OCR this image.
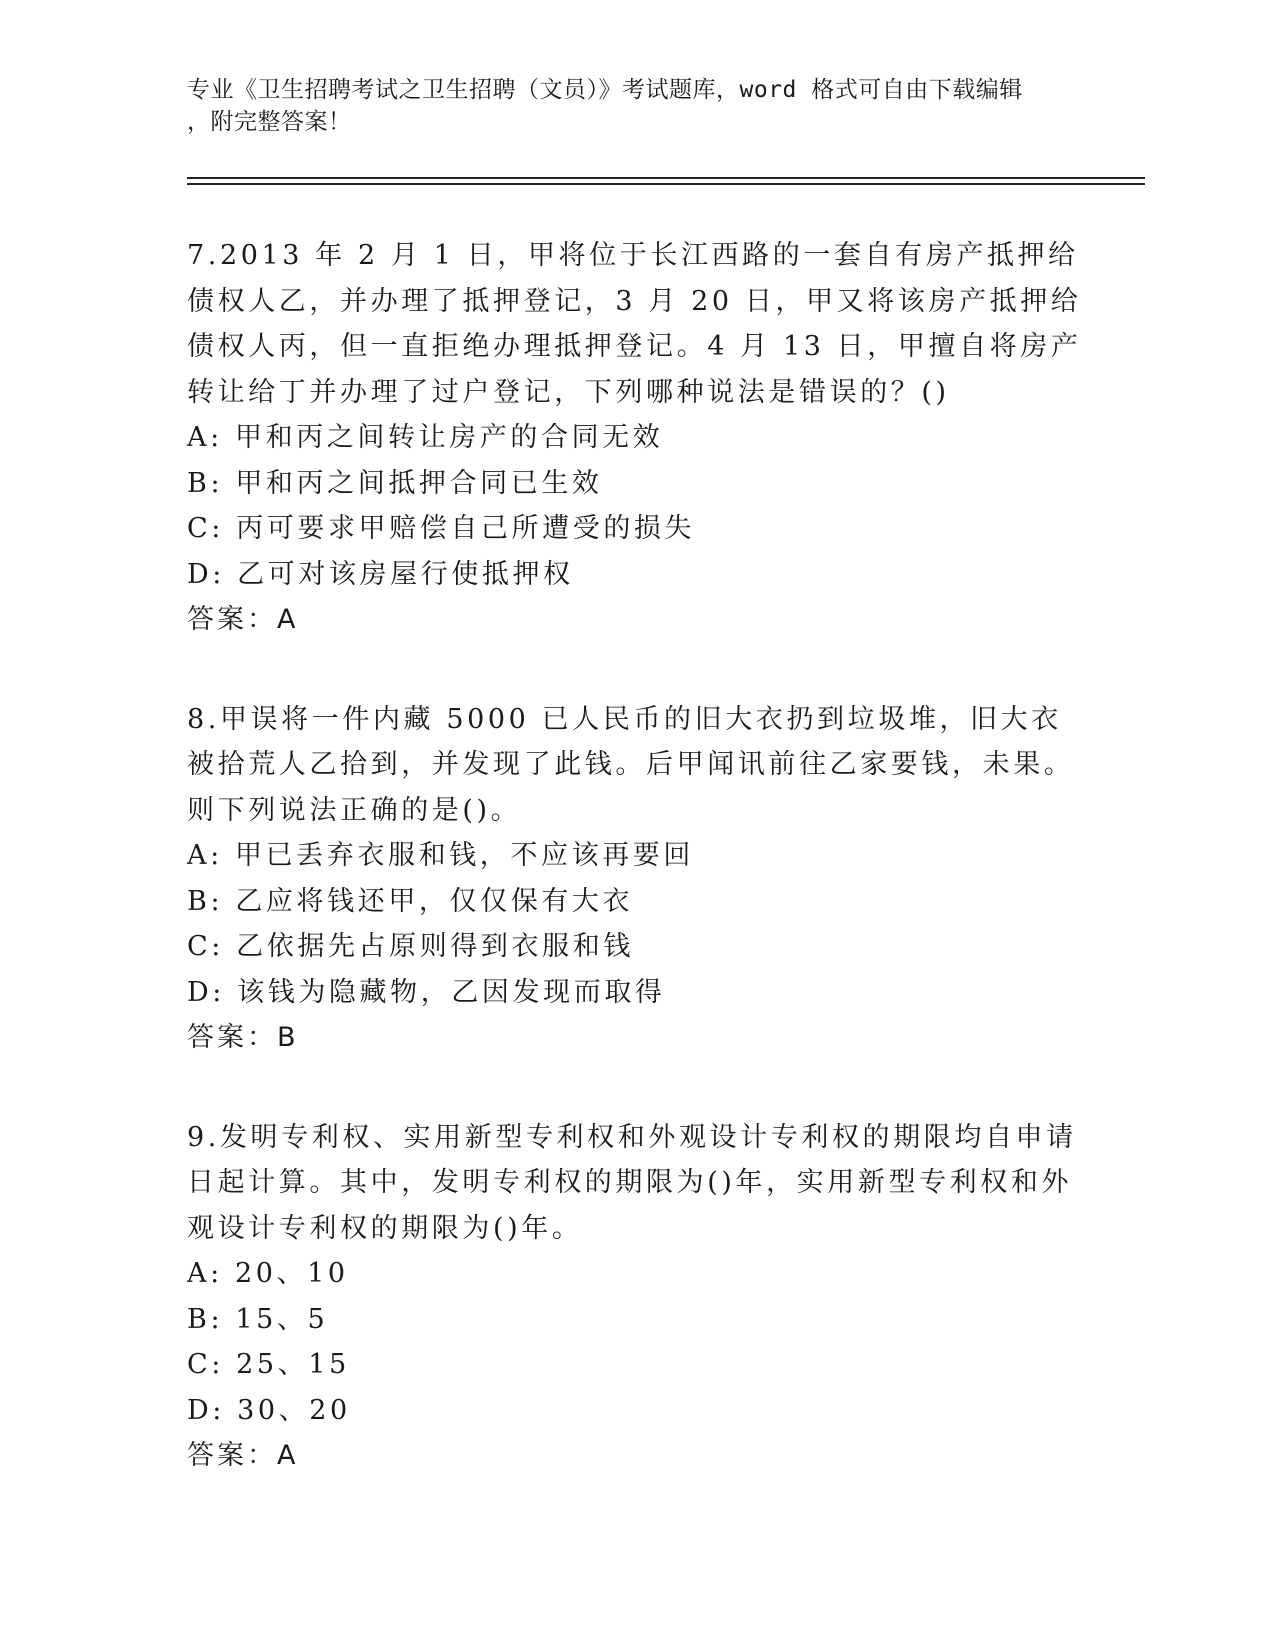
专业《卫生招聘考试之卫生招聘（文员）》考试题库，word 格式可自由下载编辑
，附完整答案！
7.2013 年 2 月 1 日，甲将位于长江西路的一套自有房产抵押给债权人乙，并办理了抵押登记，3 月 20 日，甲又将该房产抵押给债权人丙，但一直拒绝办理抵押登记。4 月 13 日，甲擅自将房产转让给丁并办理了过户登记，下列哪种说法是错误的？()
A: 甲和丙之间转让房产的合同无效
B: 甲和丙之间抵押合同已生效
C: 丙可要求甲赔偿自己所遭受的损失
D: 乙可对该房屋行使抵押权
答案：A
8.甲误将一件内藏 5000 已人民币的旧大衣扔到垃圾堆，旧大衣被拾荒人乙拾到，并发现了此钱。后甲闻讯前往乙家要钱，未果。则下列说法正确的是()。
A: 甲已丢弃衣服和钱，不应该再要回
B: 乙应将钱还甲，仅仅保有大衣
C: 乙依据先占原则得到衣服和钱
D: 该钱为隐藏物，乙因发现而取得
答案：B
9.发明专利权、实用新型专利权和外观设计专利权的期限均自申请日起计算。其中，发明专利权的期限为()年，实用新型专利权和外观设计专利权的期限为()年。
A: 20、10
B: 15、5
C: 25、15
D: 30、20
答案：A
